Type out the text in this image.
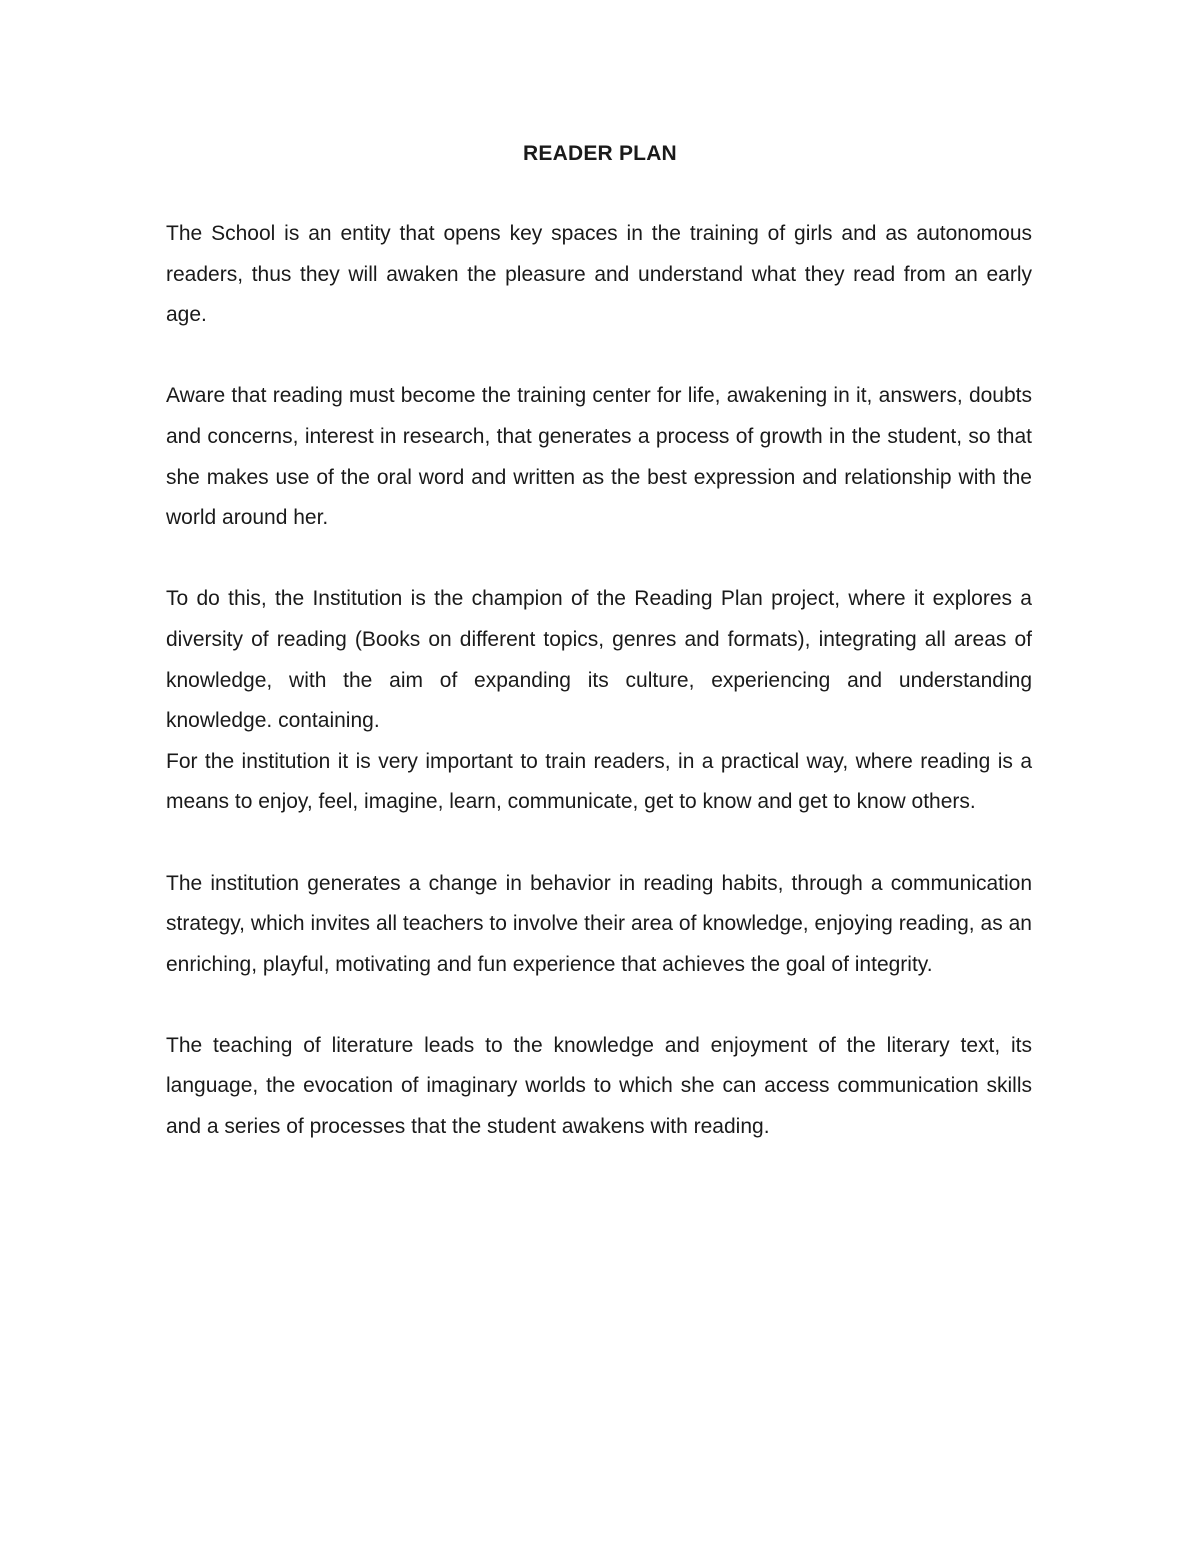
READER PLAN

The School is an entity that opens key spaces in the training of girls and as autonomous readers, thus they will awaken the pleasure and understand what they read from an early age.

Aware that reading must become the training center for life, awakening in it, answers, doubts and concerns, interest in research, that generates a process of growth in the student, so that she makes use of the oral word and written as the best expression and relationship with the world around her.

To do this, the Institution is the champion of the Reading Plan project, where it explores a diversity of reading (Books on different topics, genres and formats), integrating all areas of knowledge, with the aim of expanding its culture, experiencing and understanding knowledge. containing.

For the institution it is very important to train readers, in a practical way, where reading is a means to enjoy, feel, imagine, learn, communicate, get to know and get to know others.

The institution generates a change in behavior in reading habits, through a communication strategy, which invites all teachers to involve their area of knowledge, enjoying reading, as an enriching, playful, motivating and fun experience that achieves the goal of integrity.

The teaching of literature leads to the knowledge and enjoyment of the literary text, its language, the evocation of imaginary worlds to which she can access communication skills and a series of processes that the student awakens with reading.
